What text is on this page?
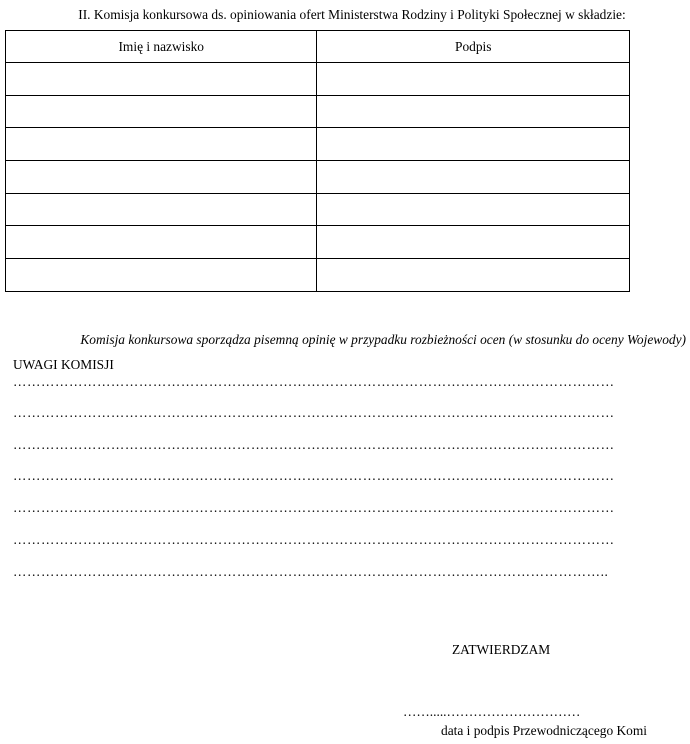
II. Komisja konkursowa ds. opiniowania ofert Ministerstwa Rodziny i Polityki Społecznej w składzie:
Imię i nazwisko	Podpis

Komisja konkursowa sporządza pisemną opinię w przypadku rozbieżności ocen (w stosunku do oceny Wojewody)
UWAGI KOMISJI
…………………………………………………………………………………………………………………
…………………………………………………………………………………………………………………
…………………………………………………………………………………………………………………
…………………………………………………………………………………………………………………
…………………………………………………………………………………………………………………
…………………………………………………………………………………………………………………
………………………………………………………………………………………………………………..
ZATWIERDZAM
…….....…………………………
data i podpis Przewodniczącego Komi
